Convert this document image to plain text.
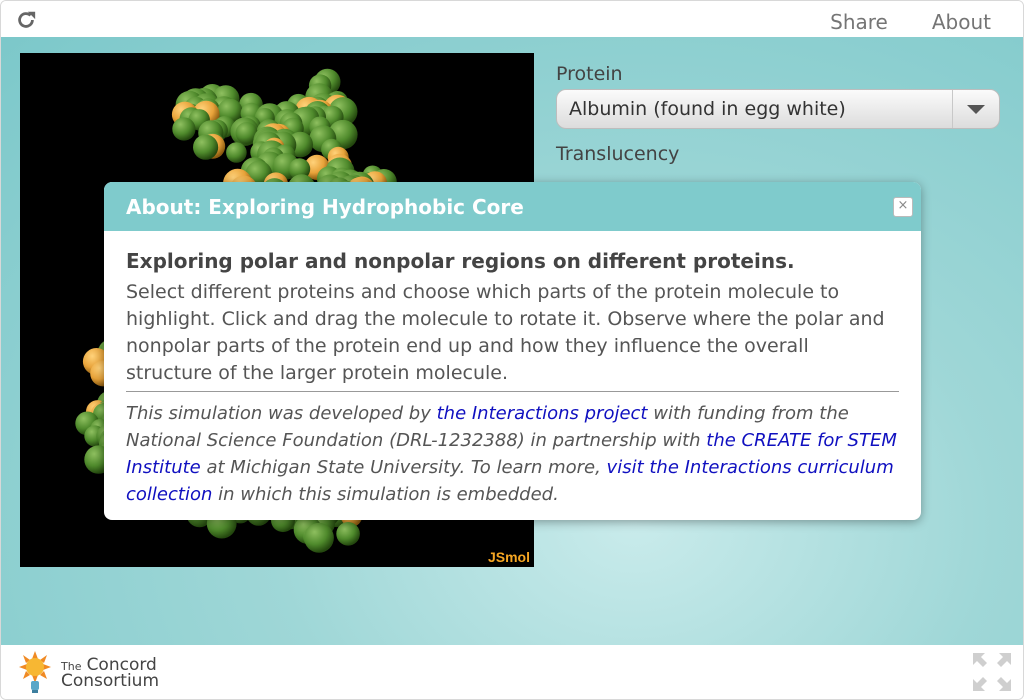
Share About
JSmol
Protein
Albumin (found in egg white)
Translucency
The Concord
Consortium
About: Exploring Hydrophobic Core	×

Exploring polar and nonpolar regions on different proteins.

Select different proteins and choose which parts of the protein molecule to highlight. Click and drag the molecule to rotate it. Observe where the polar and nonpolar parts of the protein end up and how they influence the overall structure of the larger protein molecule.

This simulation was developed by the Interactions project with funding from the National Science Foundation (DRL-1232388) in partnership with the CREATE for STEM Institute at Michigan State University. To learn more, visit the Interactions curriculum collection in which this simulation is embedded.
